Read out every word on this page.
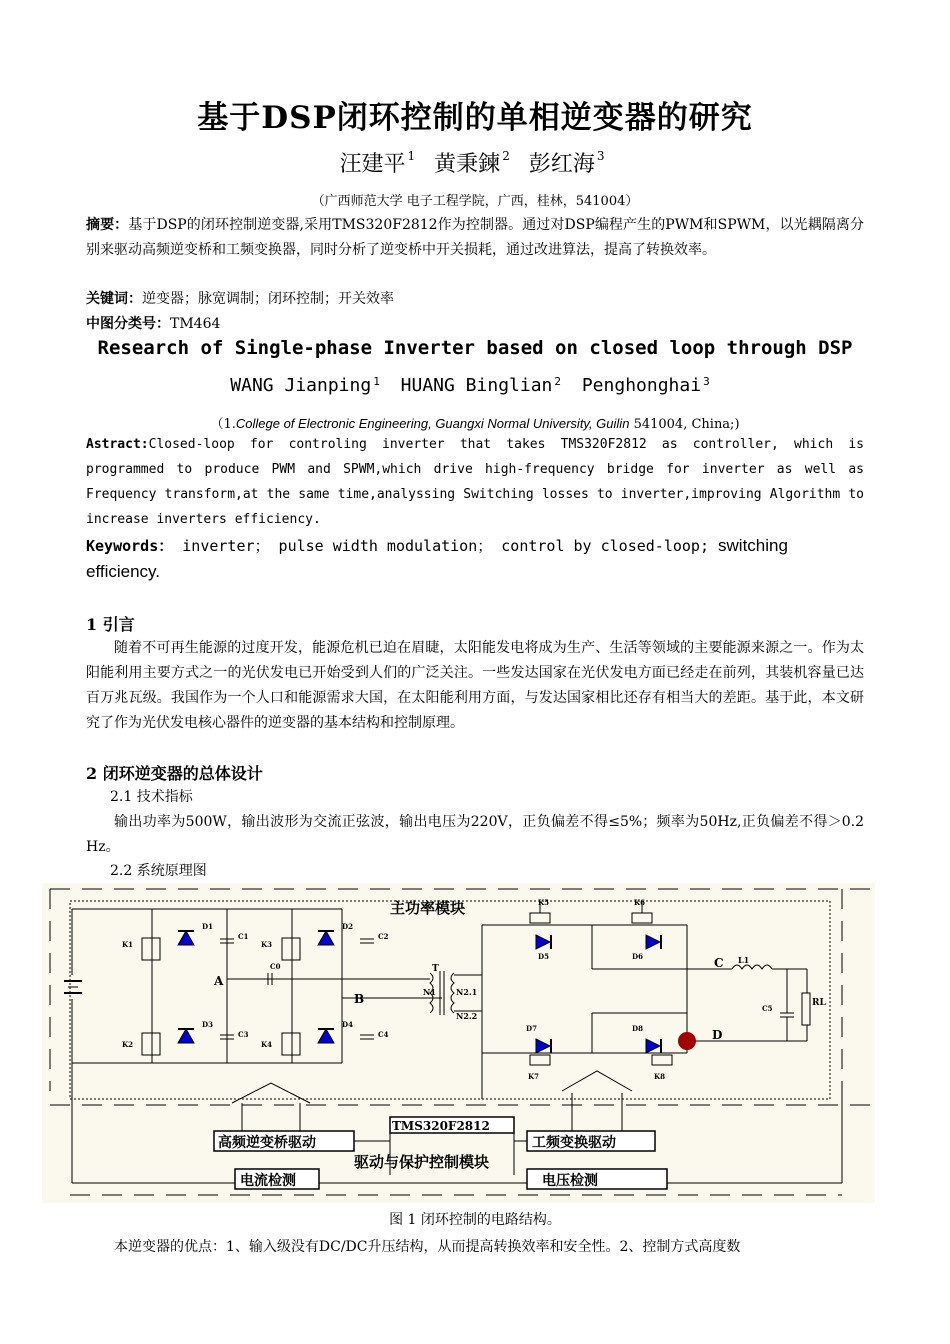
基于DSP闭环控制的单相逆变器的研究
汪建平 $^1$ 黄秉鍊 $^2$ 彭红海 $^3$
（广西师范大学 电子工程学院，广西，桂林，541004）
摘要：基于DSP的闭环控制逆变器,采用TMS320F2812作为控制器。通过对DSP编程产生的PWM和SPWM，以光耦隔离分别来驱动高频逆变桥和工频变换器，同时分析了逆变桥中开关损耗，通过改进算法，提高了转换效率。
关键词：逆变器；脉宽调制；闭环控制；开关效率
中图分类号：TM464
Research of Single-phase Inverter based on closed loop through DSP
WANG Jianping $^1$ HUANG Binglian $^2$ Penghonghai $^3$
（1.College of Electronic Engineering, Guangxi Normal University, Guilin 541004, China;)
Astract:Closed-loop for controling inverter that takes TMS320F2812 as controller, which is programmed to produce PWM and SPWM,which drive high-frequency bridge for inverter as well as Frequency transform,at the same time,analyssing Switching losses to inverter,improving Algorithm to increase inverters efficiency.
Keywords： inverter； pulse width modulation； control by closed-loop; switching efficiency.
1 引言
随着不可再生能源的过度开发，能源危机已迫在眉睫，太阳能发电将成为生产、生活等领域的主要能源来源之一。作为太阳能利用主要方式之一的光伏发电已开始受到人们的广泛关注。一些发达国家在光伏发电方面已经走在前列，其装机容量已达百万兆瓦级。我国作为一个人口和能源需求大国，在太阳能利用方面，与发达国家相比还存有相当大的差距。基于此，本文研究了作为光伏发电核心器件的逆变器的基本结构和控制原理。
2 闭环逆变器的总体设计
2.1 技术指标
输出功率为500W，输出波形为交流正弦波，输出电压为220V，正负偏差不得≤5%；频率为50Hz,正负偏差不得＞0.2 Hz。
2.2 系统原理图
主功率模块
驱动与保护控制模块
TMS320F2812
高频逆变桥驱动	工频变换驱动
电流检测	电压检测
A
B
C
D
T
N1	N2.1
N2.2
L1
C5
RL
C0
K1
K2
K3
K4
K5	K6
K7	K8
D1	D2
D3	D4
D5	D6
D7	D8
C1	C2
C3	C4
图 1 闭环控制的电路结构。
本逆变器的优点：1、输入级没有DC/DC升压结构，从而提高转换效率和安全性。2、控制方式高度数
